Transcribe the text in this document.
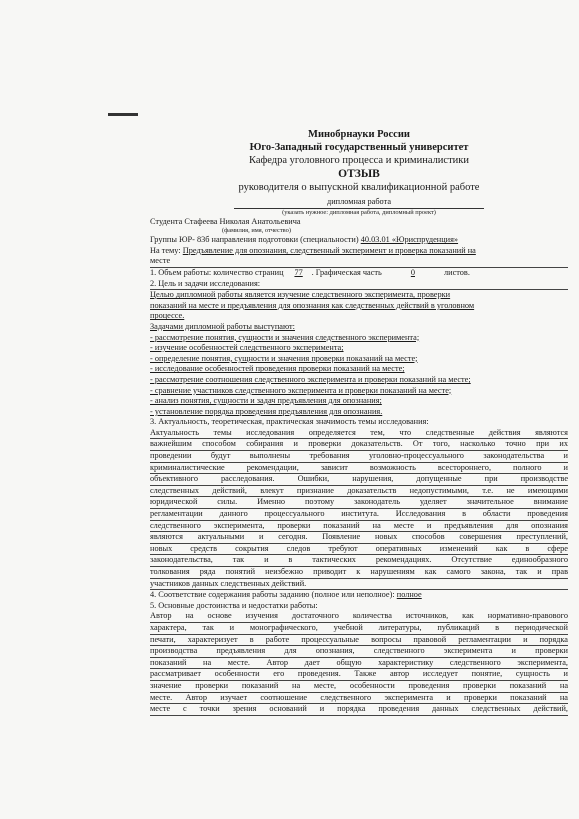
Минобрнауки России
Юго-Западный государственный университет
Кафедра уголовного процесса и криминалистики
ОТЗЫВ
руководителя о выпускной квалификационной работе
дипломная работа
(указать нужное: дипломная работа, дипломный проект)
Студента Стафеева Николая Анатольевича
(фамилия, имя, отчество)
Группы ЮР- 83б направления подготовки (специальности) 40.03.01 «Юриспруденция»
На тему: Предъявление для опознания, следственный эксперимент и проверка показаний на
месте
1. Объем работы: количество страниц 77 . Графическая часть	0	листов.
2. Цель и задачи исследования:
Целью дипломной работы является изучение следственного эксперимента, проверки
показаний на месте и предъявления для опознания как следственных действий в уголовном
процессе.
Задачами дипломной работы выступают:
- рассмотрение понятия, сущности и значения следственного эксперимента;
- изучение особенностей следственного эксперимента;
- определение понятия, сущности и значения проверки показаний на месте;
- исследование особенностей проведения проверки показаний на месте;
- рассмотрение соотношения следственного эксперимента и проверки показаний на месте;
- сравнение участников следственного эксперимента и проверки показаний на месте;
- анализ понятия, сущности и задач предъявления для опознания;
- установление порядка проведения предъявления для опознания.
3. Актуальность, теоретическая, практическая значимость темы исследования:
Актуальность темы исследования определяется тем, что следственные действия являются
важнейшим способом собирания и проверки доказательств. От того, насколько точно при их
проведении будут выполнены требования уголовно-процессуального законодательства и
криминалистические рекомендации, зависит возможность всестороннего, полного и
объективного расследования. Ошибки, нарушения, допущенные при производстве
следственных действий, влекут признание доказательств недопустимыми, т.е. не имеющими
юридической силы. Именно поэтому законодатель уделяет значительное внимание
регламентации данного процессуального института. Исследования в области проведения
следственного эксперимента, проверки показаний на месте и предъявления для опознания
являются актуальными и сегодня. Появление новых способов совершения преступлений,
новых средств сокрытия следов требуют оперативных изменений как в сфере
законодательства, так и в тактических рекомендациях. Отсутствие единообразного
толкования ряда понятий неизбежно приводит к нарушениям как самого закона, так и прав
участников данных следственных действий.
4. Соответствие содержания работы заданию (полное или неполное): полное
5. Основные достоинства и недостатки работы:
Автор на основе изучения достаточного количества источников, как нормативно-правового
характера, так и монографического, учебной литературы, публикаций в периодической
печати, характеризует в работе процессуальные вопросы правовой регламентации и порядка
производства предъявления для опознания, следственного эксперимента и проверки
показаний на месте. Автор дает общую характеристику следственного эксперимента,
рассматривает особенности его проведения. Также автор исследует понятие, сущность и
значение проверки показаний на месте, особенности проведения проверки показаний на
месте. Автор изучает соотношение следственного эксперимента и проверки показаний на
месте с точки зрения оснований и порядка проведения данных следственных действий,
